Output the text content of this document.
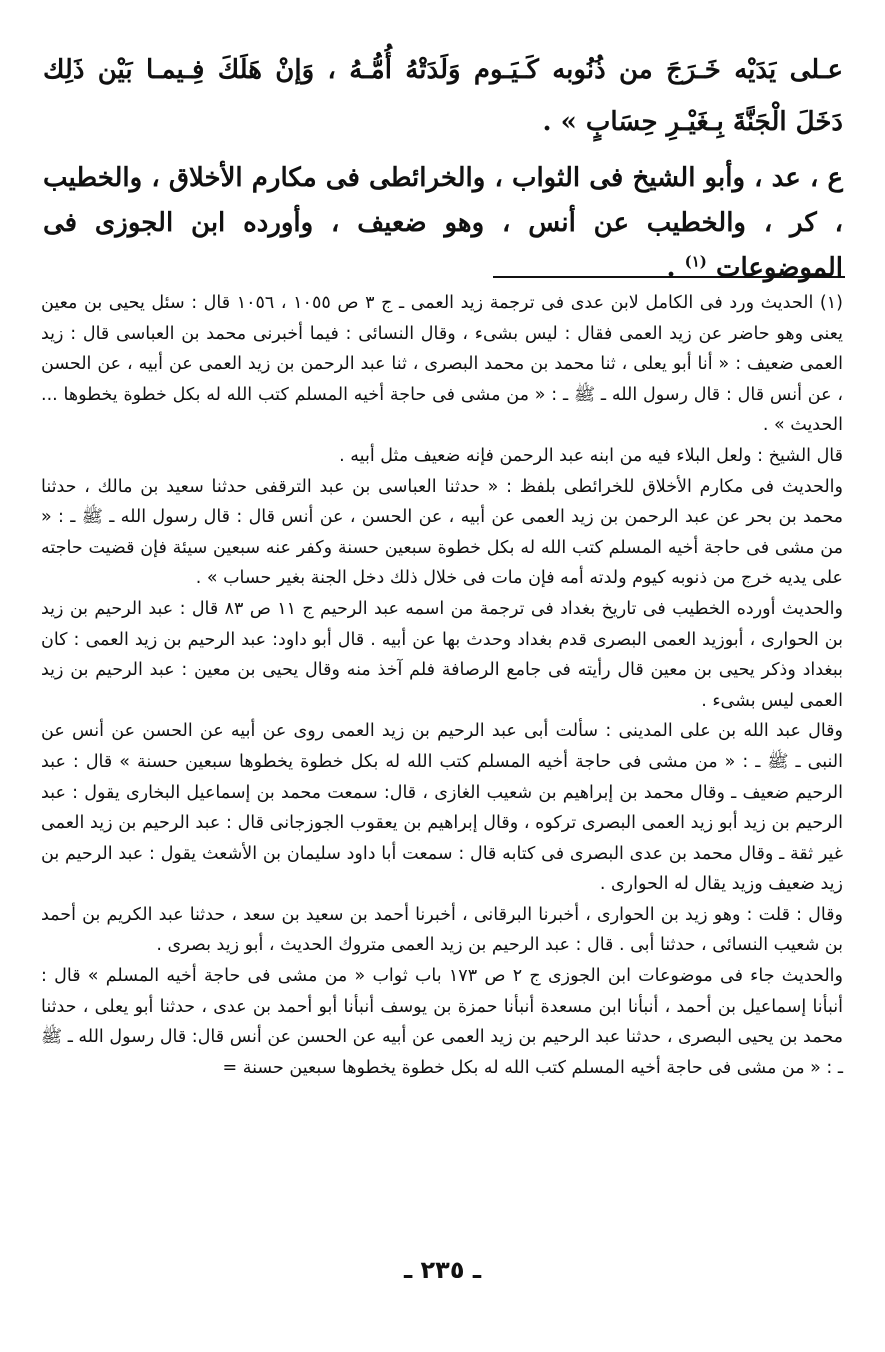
عـلى يَدَيْه خَـرَجَ من ذُنُوبه كَـيَـوم وَلَدَتْهُ أُمُّـهُ ، وَإنْ هَلَكَ فِـيمـا بَيْن ذَلِك دَخَلَ الْجَنَّةَ بِـغَيْـرِ حِسَابٍ » .

ع ، عد ، وأبو الشيخ فى الثواب ، والخرائطى فى مكارم الأخلاق ، والخطيب ، كر ، والخطيب عن أنس ، وهو ضعيف ، وأورده ابن الجوزى فى الموضوعات $^{(١)}$ .

(١) الحديث ورد فى الكامل لابن عدى فى ترجمة زيد العمى ـ ج ٣ ص ١٠٥٥ ، ١٠٥٦ قال : سئل يحيى بن معين يعنى وهو حاضر عن زيد العمى فقال : ليس بشىء ، وقال النسائى : فيما أخبرنى محمد بن العباسى قال : زيد العمى ضعيف : « أنا أبو يعلى ، ثنا محمد بن محمد البصرى ، ثنا عبد الرحمن بن زيد العمى عن أبيه ، عن الحسن ، عن أنس قال : قال رسول الله ـ ﷺ ـ : « من مشى فى حاجة أخيه المسلم كتب الله له بكل خطوة يخطوها ... الحديث » .

قال الشيخ : ولعل البلاء فيه من ابنه عبد الرحمن فإنه ضعيف مثل أبيه .

والحديث فى مكارم الأخلاق للخرائطى بلفظ : « حدثنا العباسى بن عبد الترقفى حدثنا سعيد بن مالك ، حدثنا محمد بن بحر عن عبد الرحمن بن زيد العمى عن أبيه ، عن الحسن ، عن أنس قال : قال رسول الله ـ ﷺ ـ : « من مشى فى حاجة أخيه المسلم كتب الله له بكل خطوة سبعين حسنة وكفر عنه سبعين سيئة فإن قضيت حاجته على يديه خرج من ذنوبه كيوم ولدته أمه فإن مات فى خلال ذلك دخل الجنة بغير حساب » .

والحديث أورده الخطيب فى تاريخ بغداد فى ترجمة من اسمه عبد الرحيم ج ١١ ص ٨٣ قال : عبد الرحيم بن زيد بن الحوارى ، أبوزيد العمى البصرى قدم بغداد وحدث بها عن أبيه . قال أبو داود: عبد الرحيم بن زيد العمى : كان ببغداد وذكر يحيى بن معين قال رأيته فى جامع الرصافة فلم آخذ منه وقال يحيى بن معين : عبد الرحيم بن زيد العمى ليس بشىء .

وقال عبد الله بن على المدينى : سألت أبى عبد الرحيم بن زيد العمى روى عن أبيه عن الحسن عن أنس عن النبى ـ ﷺ ـ : « من مشى فى حاجة أخيه المسلم كتب الله له بكل خطوة يخطوها سبعين حسنة » قال : عبد الرحيم ضعيف ـ وقال محمد بن إبراهيم بن شعيب الغازى ، قال: سمعت محمد بن إسماعيل البخارى يقول : عبد الرحيم بن زيد أبو زيد العمى البصرى تركوه ، وقال إبراهيم بن يعقوب الجوزجانى قال : عبد الرحيم بن زيد العمى غير ثقة ـ وقال محمد بن عدى البصرى فى كتابه قال : سمعت أبا داود سليمان بن الأشعث يقول : عبد الرحيم بن زيد ضعيف وزيد يقال له الحوارى .

وقال : قلت : وهو زيد بن الحوارى ، أخبرنا البرقانى ، أخبرنا أحمد بن سعيد بن سعد ، حدثنا عبد الكريم بن أحمد بن شعيب النسائى ، حدثنا أبى . قال : عبد الرحيم بن زيد العمى متروك الحديث ، أبو زيد بصرى .

والحديث جاء فى موضوعات ابن الجوزى ج ٢ ص ١٧٣ باب ثواب « من مشى فى حاجة أخيه المسلم » قال : أنبأنا إسماعيل بن أحمد ، أنبأنا ابن مسعدة أنبأنا حمزة بن يوسف أنبأنا أبو أحمد بن عدى ، حدثنا أبو يعلى ، حدثنا محمد بن يحيى البصرى ، حدثنا عبد الرحيم بن زيد العمى عن أبيه عن الحسن عن أنس قال: قال رسول الله ـ ﷺ ـ : « من مشى فى حاجة أخيه المسلم كتب الله له بكل خطوة يخطوها سبعين حسنة =

ـ ٢٣٥ ـ
